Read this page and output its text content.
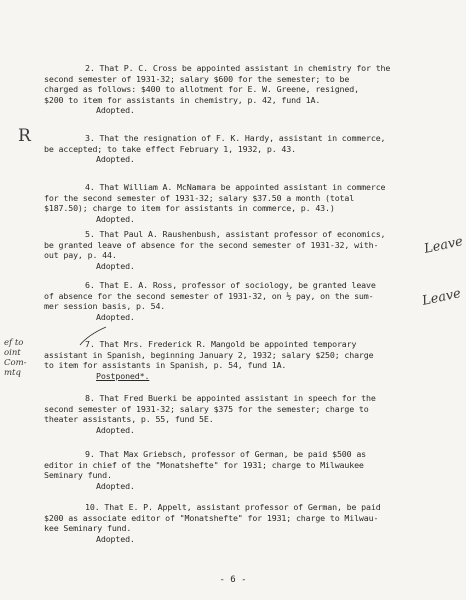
2. That P. C. Cross be appointed assistant in chemistry for the
second semester of 1931-32; salary $600 for the semester; to be
charged as follows: $400 to allotment for E. W. Greene, resigned,
$200 to item for assistants in chemistry, p. 42, fund 1A.
Adopted.
3. That the resignation of F. K. Hardy, assistant in commerce,
be accepted; to take effect February 1, 1932, p. 43.
Adopted.
4. That William A. McNamara be appointed assistant in commerce
for the second semester of 1931-32; salary $37.50 a month (total
$187.50); charge to item for assistants in commerce, p. 43.)
Adopted.
5. That Paul A. Raushenbush, assistant professor of economics,
be granted leave of absence for the second semester of 1931-32, with-
out pay, p. 44.
Adopted.
6. That E. A. Ross, professor of sociology, be granted leave
of absence for the second semester of 1931-32, on ½ pay, on the sum-
mer session basis, p. 54.
Adopted.
7. That Mrs. Frederick R. Mangold be appointed temporary
assistant in Spanish, beginning January 2, 1932; salary $250; charge
to item for assistants in Spanish, p. 54, fund 1A.
Postponed*.
8. That Fred Buerki be appointed assistant in speech for the
second semester of 1931-32; salary $375 for the semester; charge to
theater assistants, p. 55, fund 5E.
Adopted.
9. That Max Griebsch, professor of German, be paid $500 as
editor in chief of the "Monatshefte" for 1931; charge to Milwaukee
Seminary fund.
Adopted.
10. That E. P. Appelt, assistant professor of German, be paid
$200 as associate editor of "Monatshefte" for 1931; charge to Milwau-
kee Seminary fund.
Adopted.
R
Leave
Leave
ef to
oint
Com-
mtq
- 6 -
